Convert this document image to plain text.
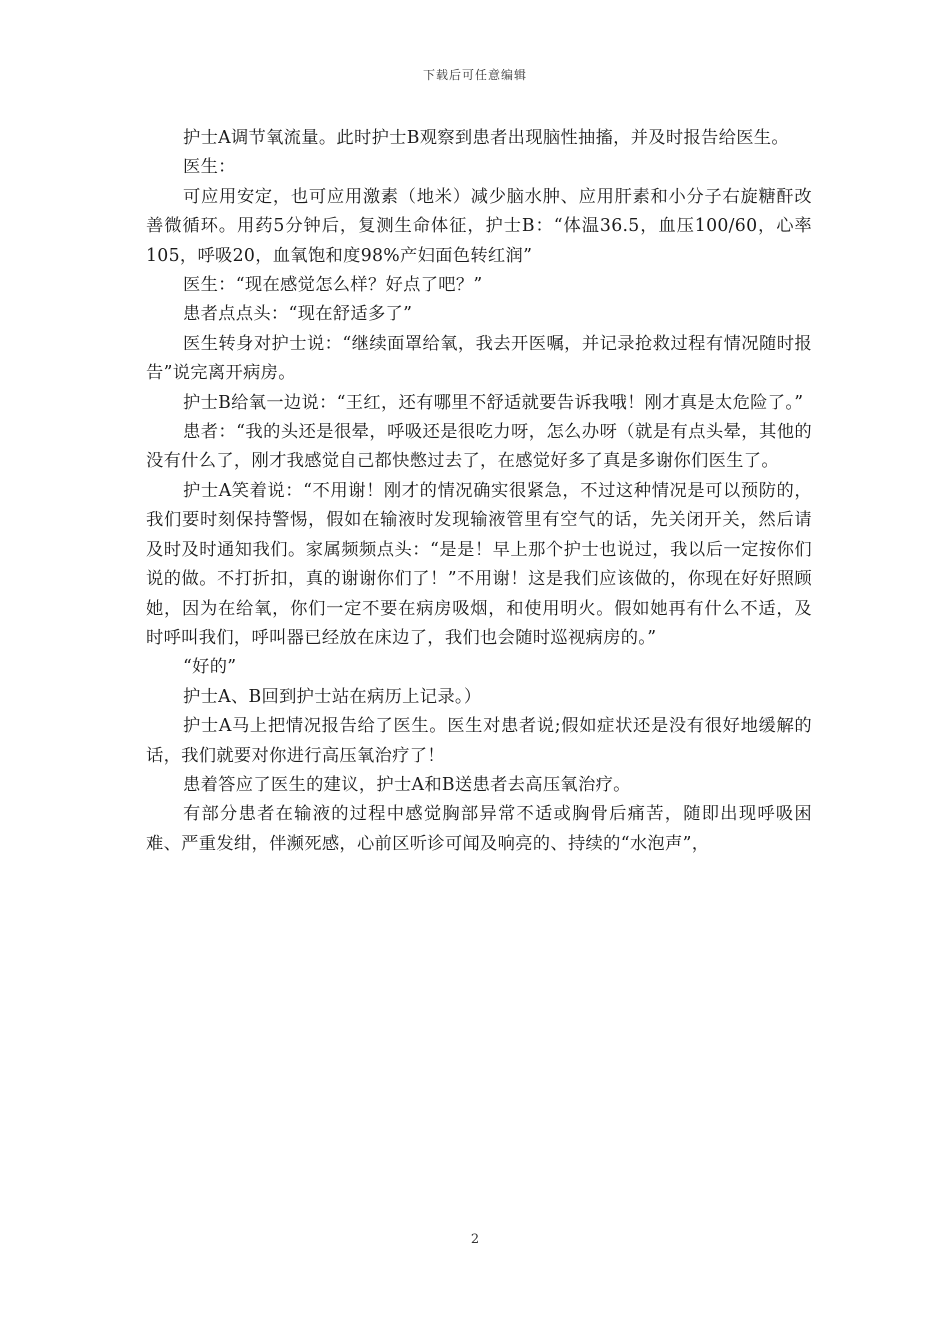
下载后可任意编辑

护士A调节氧流量。此时护士B观察到患者出现脑性抽搐，并及时报告给医生。

医生：

可应用安定，也可应用激素（地米）减少脑水肿、应用肝素和小分子右旋糖酐改善微循环。用药5分钟后，复测生命体征，护士B：“体温36.5，血压100/60，心率105，呼吸20，血氧饱和度98%产妇面色转红润”

医生：“现在感觉怎么样？好点了吧？”

患者点点头：“现在舒适多了”

医生转身对护士说：“继续面罩给氧，我去开医嘱，并记录抢救过程有情况随时报告”说完离开病房。

护士B给氧一边说：“王红，还有哪里不舒适就要告诉我哦！刚才真是太危险了。”

患者：“我的头还是很晕，呼吸还是很吃力呀，怎么办呀（就是有点头晕，其他的没有什么了，刚才我感觉自己都快憋过去了，在感觉好多了真是多谢你们医生了。

护士A笑着说：“不用谢！刚才的情况确实很紧急，不过这种情况是可以预防的，我们要时刻保持警惕，假如在输液时发现输液管里有空气的话，先关闭开关，然后请及时及时通知我们。家属频频点头：“是是！早上那个护士也说过，我以后一定按你们说的做。不打折扣，真的谢谢你们了！”不用谢！这是我们应该做的，你现在好好照顾她，因为在给氧，你们一定不要在病房吸烟，和使用明火。假如她再有什么不适，及时呼叫我们，呼叫器已经放在床边了，我们也会随时巡视病房的。”

“好的”

护士A、B回到护士站在病历上记录。）

护士A马上把情况报告给了医生。医生对患者说;假如症状还是没有很好地缓解的话，我们就要对你进行高压氧治疗了！

患着答应了医生的建议，护士A和B送患者去高压氧治疗。

有部分患者在输液的过程中感觉胸部异常不适或胸骨后痛苦，随即出现呼吸困难、严重发绀，伴濒死感，心前区听诊可闻及响亮的、持续的“水泡声”，

2
